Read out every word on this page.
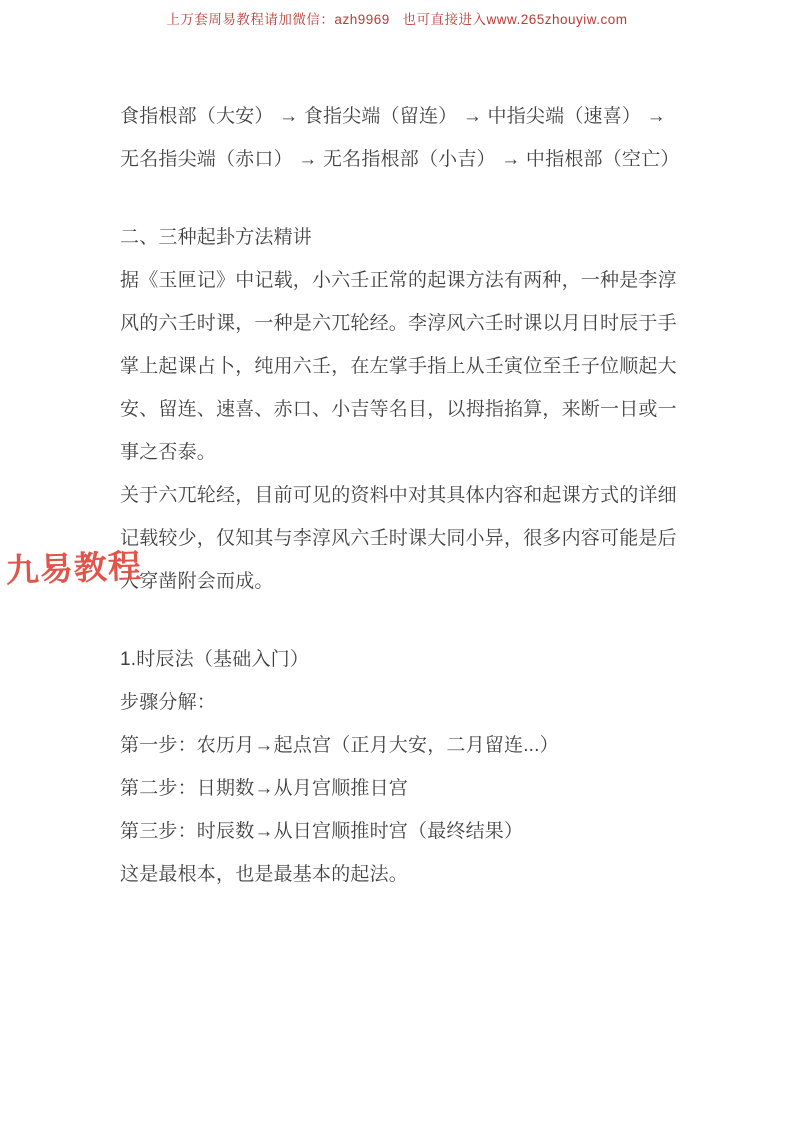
上万套周易教程请加微信：azh9969   也可直接进入www.265zhouyiw.com
食指根部（大安） → 食指尖端（留连） → 中指尖端（速喜） →
无名指尖端（赤口） → 无名指根部（小吉） → 中指根部（空亡）
二、三种起卦方法精讲
据《玉匣记》中记载，小六壬正常的起课方法有两种，一种是李淳
风的六壬时课，一种是六兀轮经。李淳风六壬时课以月日时辰于手
掌上起课占卜，纯用六壬，在左掌手指上从壬寅位至壬子位顺起大
安、留连、速喜、赤口、小吉等名目，以拇指掐算，来断一日或一
事之否泰。
关于六兀轮经，目前可见的资料中对其具体内容和起课方式的详细
记载较少，仅知其与李淳风六壬时课大同小异，很多内容可能是后
人穿凿附会而成。
1.时辰法（基础入门）
步骤分解：
第一步：农历月→起点宫（正月大安，二月留连...）
第二步：日期数→从月宫顺推日宫
第三步：时辰数→从日宫顺推时宫（最终结果）
这是最根本，也是最基本的起法。
九易教程
